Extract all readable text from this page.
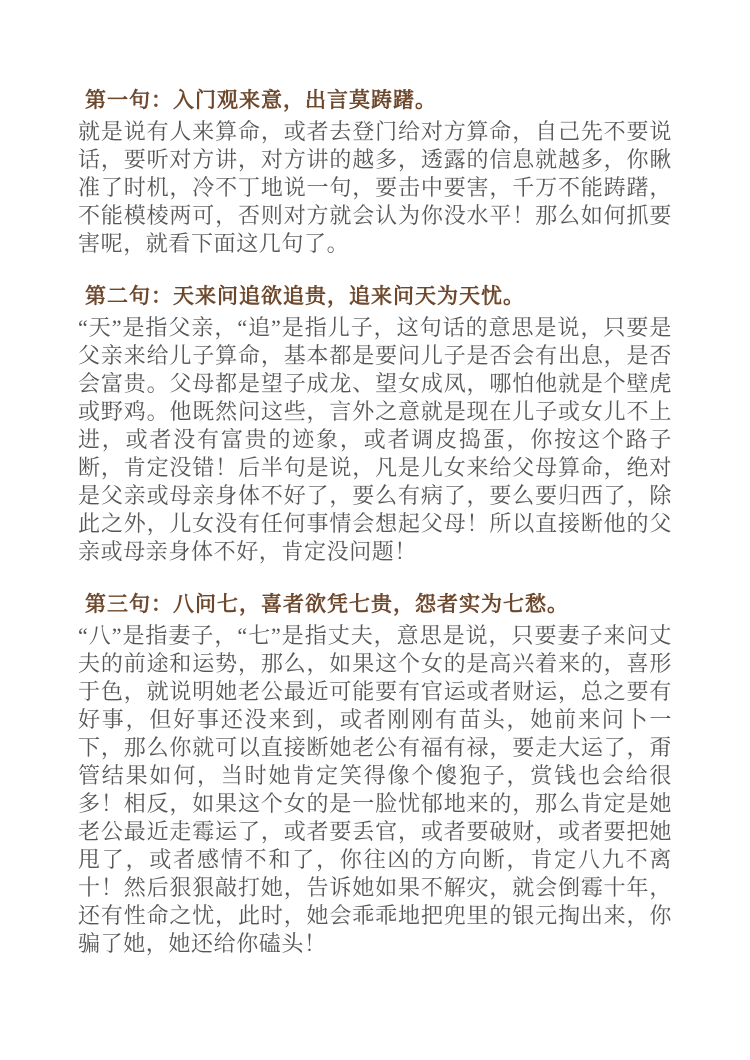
第一句：入门观来意，出言莫踌躇。

就是说有人来算命，或者去登门给对方算命，自己先不要说话，要听对方讲，对方讲的越多，透露的信息就越多，你瞅准了时机，冷不丁地说一句，要击中要害，千万不能踌躇，不能模棱两可，否则对方就会认为你没水平！那么如何抓要害呢，就看下面这几句了。

第二句：天来问追欲追贵，追来问天为天忧。

“天”是指父亲，“追”是指儿子，这句话的意思是说，只要是父亲来给儿子算命，基本都是要问儿子是否会有出息，是否会富贵。父母都是望子成龙、望女成凤，哪怕他就是个壁虎或野鸡。他既然问这些，言外之意就是现在儿子或女儿不上进，或者没有富贵的迹象，或者调皮捣蛋，你按这个路子断，肯定没错！后半句是说，凡是儿女来给父母算命，绝对是父亲或母亲身体不好了，要么有病了，要么要归西了，除此之外，儿女没有任何事情会想起父母！所以直接断他的父亲或母亲身体不好，肯定没问题！

第三句：八问七，喜者欲凭七贵，怨者实为七愁。

“八”是指妻子，“七”是指丈夫，意思是说，只要妻子来问丈夫的前途和运势，那么，如果这个女的是高兴着来的，喜形于色，就说明她老公最近可能要有官运或者财运，总之要有好事，但好事还没来到，或者刚刚有苗头，她前来问卜一下，那么你就可以直接断她老公有福有禄，要走大运了，甭管结果如何，当时她肯定笑得像个傻狍子，赏钱也会给很多！相反，如果这个女的是一脸忧郁地来的，那么肯定是她老公最近走霉运了，或者要丢官，或者要破财，或者要把她甩了，或者感情不和了，你往凶的方向断，肯定八九不离十！然后狠狠敲打她，告诉她如果不解灾，就会倒霉十年，还有性命之忧，此时，她会乖乖地把兜里的银元掏出来，你骗了她，她还给你磕头！
